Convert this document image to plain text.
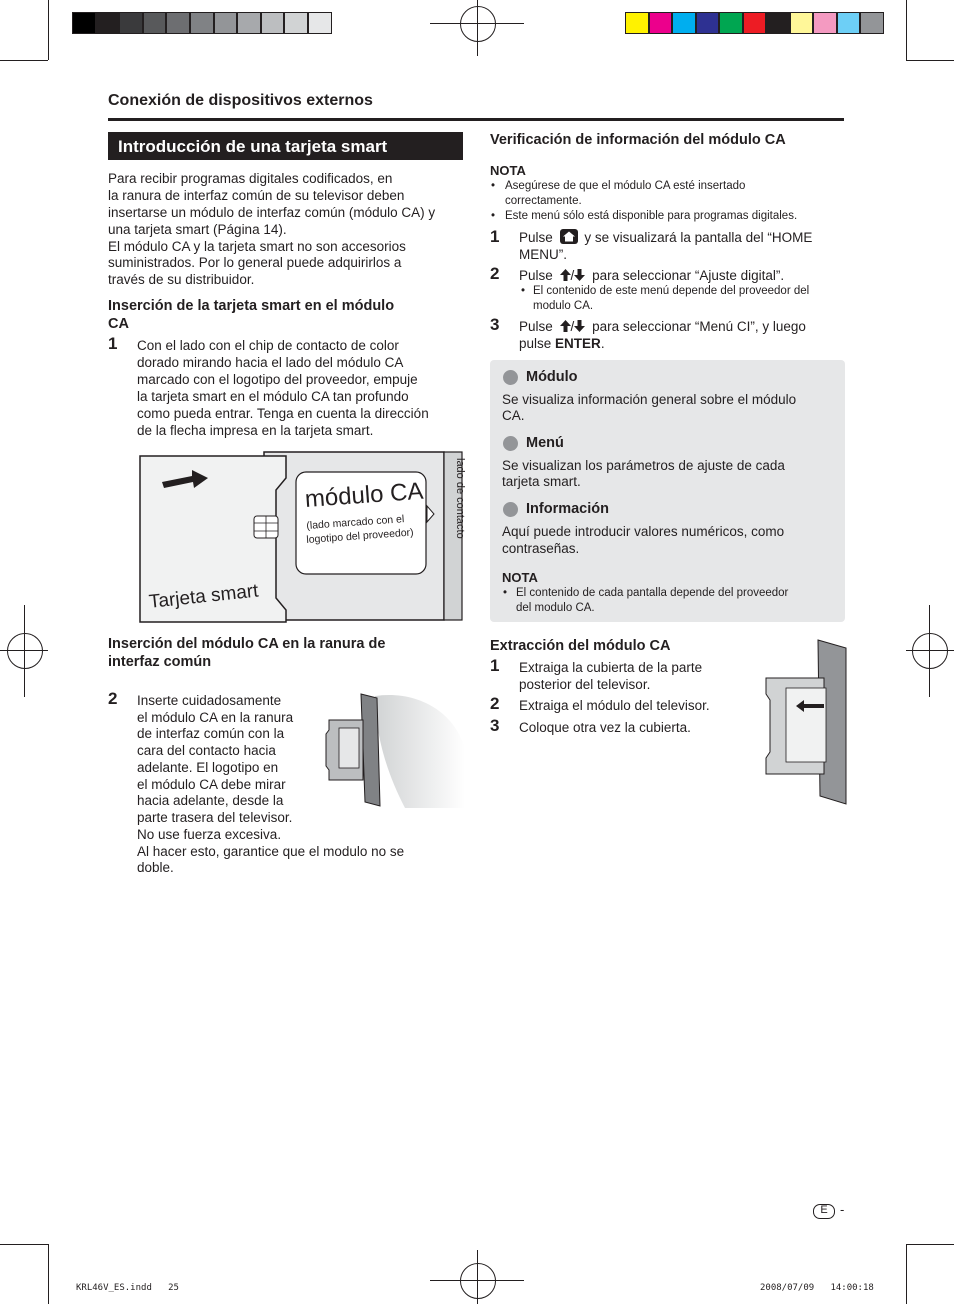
Conexión de dispositivos externos
Introducción de una tarjeta smart
Para recibir programas digitales codificados, en
la ranura de interfaz común de su televisor deben
insertarse un módulo de interfaz común (módulo CA) y
una tarjeta smart (Página 14).
El módulo CA y la tarjeta smart no son accesorios
suministrados. Por lo general puede adquirirlos a
través de su distribuidor.
Inserción de la tarjeta smart en el módulo
CA
1 Con el lado con el chip de contacto de color
dorado mirando hacia el lado del módulo CA
marcado con el logotipo del proveedor, empuje
la tarjeta smart en el módulo CA tan profundo
como pueda entrar. Tenga en cuenta la dirección
de la flecha impresa en la tarjeta smart.
módulo CA
(lado marcado con el
logotipo del proveedor)
Tarjeta smart
lado de contacto
Inserción del módulo CA en la ranura de
interfaz común
2 Inserte cuidadosamente
el módulo CA en la ranura
de interfaz común con la
cara del contacto hacia
adelante. El logotipo en
el módulo CA debe mirar
hacia adelante, desde la
parte trasera del televisor.
No use fuerza excesiva.
Al hacer esto, garantice que el modulo no se
doble.
Verificación de información del módulo CA
NOTA
• Asegúrese de que el módulo CA esté insertado
correctamente.
• Este menú sólo está disponible para programas digitales.
1 Pulse y se visualizará la pantalla del “HOME
MENU”.
2 Pulse / para seleccionar “Ajuste digital”.
• El contenido de este menú depende del proveedor del
modulo CA.
3 Pulse / para seleccionar “Menú CI”, y luego
pulse ENTER.
Módulo
Se visualiza información general sobre el módulo
CA.
Menú
Se visualizan los parámetros de ajuste de cada
tarjeta smart.
Información
Aquí puede introducir valores numéricos, como
contraseñas.
NOTA
• El contenido de cada pantalla depende del proveedor
del modulo CA.
Extracción del módulo CA
1 Extraiga la cubierta de la parte
posterior del televisor.
2 Extraiga el módulo del televisor.
3 Coloque otra vez la cubierta.
E -
KRL46V_ES.indd   25	2008/07/09   14:00:18
